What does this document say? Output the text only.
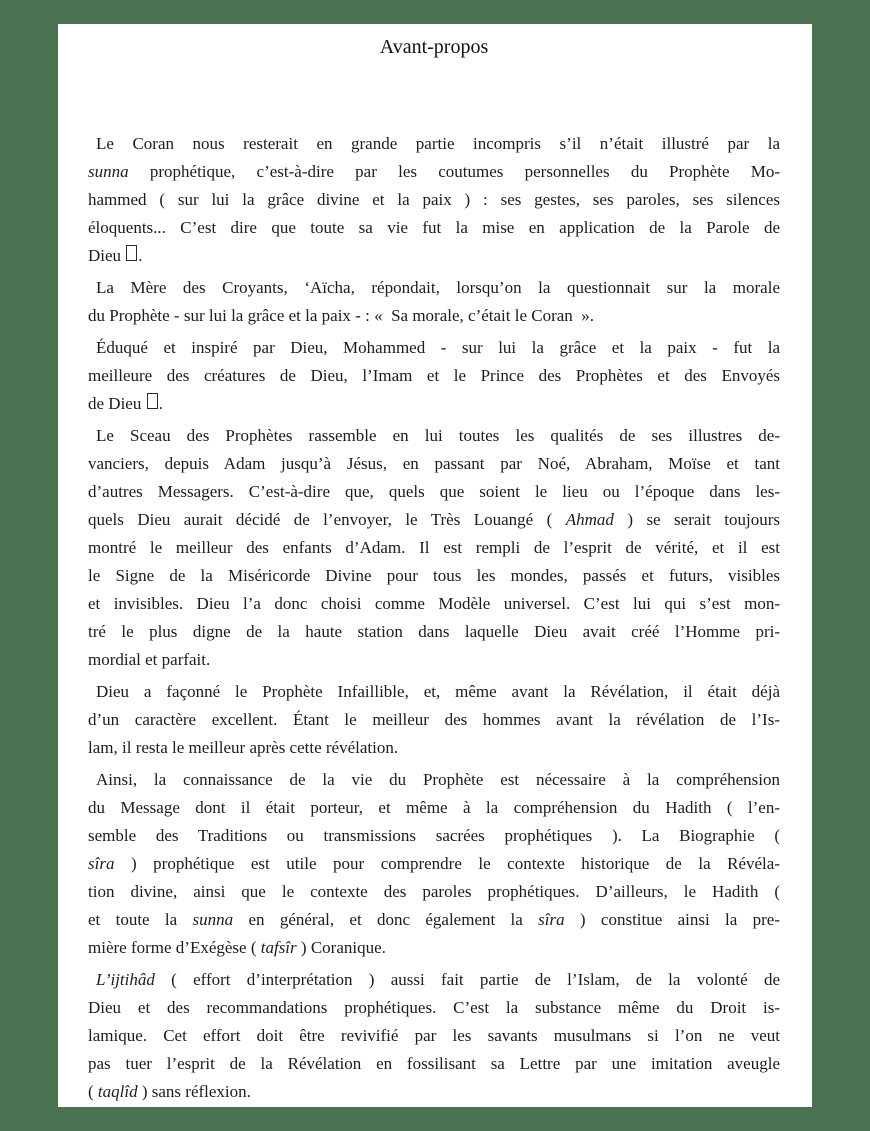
Avant-propos
Le Coran nous resterait en grande partie incompris s’il n’était illustré par la
sunna prophétique, c’est-à-dire par les coutumes personnelles du Prophète Mo-
hammed ( sur lui la grâce divine et la paix ) : ses gestes, ses paroles, ses silences
éloquents... C’est dire que toute sa vie fut la mise en application de la Parole de
Dieu .
La Mère des Croyants, ‘Aïcha, répondait, lorsqu’on la questionnait sur la morale
du Prophète - sur lui la grâce et la paix - : «  Sa morale, c’était le Coran  ».
Éduqué et inspiré par Dieu, Mohammed - sur lui la grâce et la paix - fut la
meilleure des créatures de Dieu, l’Imam et le Prince des Prophètes et des Envoyés
de Dieu .
Le Sceau des Prophètes rassemble en lui toutes les qualités de ses illustres de-
vanciers, depuis Adam jusqu’à Jésus, en passant par Noé, Abraham, Moïse et tant
d’autres Messagers. C’est-à-dire que, quels que soient le lieu ou l’époque dans les-
quels Dieu aurait décidé de l’envoyer, le Très Louangé ( Ahmad ) se serait toujours
montré le meilleur des enfants d’Adam. Il est rempli de l’esprit de vérité, et il est
le Signe de la Miséricorde Divine pour tous les mondes, passés et futurs, visibles
et invisibles. Dieu l’a donc choisi comme Modèle universel. C’est lui qui s’est mon-
tré le plus digne de la haute station dans laquelle Dieu avait créé l’Homme pri-
mordial et parfait.
Dieu a façonné le Prophète Infaillible, et, même avant la Révélation, il était déjà
d’un caractère excellent. Étant le meilleur des hommes avant la révélation de l’Is-
lam, il resta le meilleur après cette révélation.
Ainsi, la connaissance de la vie du Prophète est nécessaire à la compréhension
du Message dont il était porteur, et même à la compréhension du Hadith ( l’en-
semble des Traditions ou transmissions sacrées prophétiques ). La Biographie (
sîra ) prophétique est utile pour comprendre le contexte historique de la Révéla-
tion divine, ainsi que le contexte des paroles prophétiques. D’ailleurs, le Hadith (
et toute la sunna en général, et donc également la sîra ) constitue ainsi la pre-
mière forme d’Exégèse ( tafsîr ) Coranique.
L’ijtihâd ( effort d’interprétation ) aussi fait partie de l’Islam, de la volonté de
Dieu et des recommandations prophétiques. C’est la substance même du Droit is-
lamique. Cet effort doit être revivifié par les savants musulmans si l’on ne veut
pas tuer l’esprit de la Révélation en fossilisant sa Lettre par une imitation aveugle
( taqlîd ) sans réflexion.
